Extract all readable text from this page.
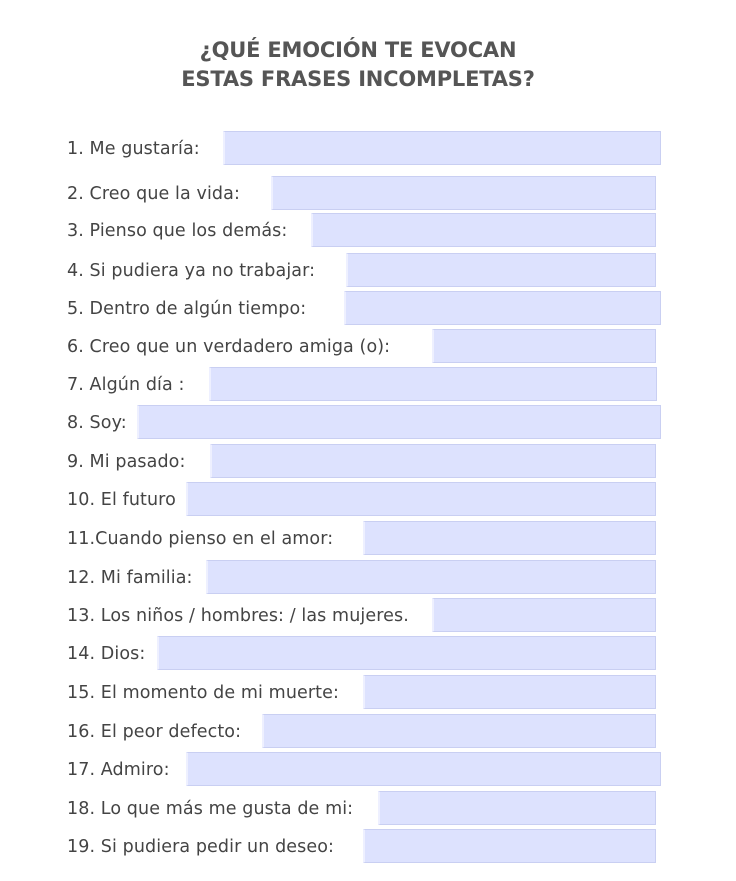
¿QUÉ EMOCIÓN TE EVOCAN
ESTAS FRASES INCOMPLETAS?
1. Me gustaría:
2. Creo que la vida:
3. Pienso que los demás:
4. Si pudiera ya no trabajar:
5. Dentro de algún tiempo:
6. Creo que un verdadero amiga (o):
7. Algún día :
8. Soy:
9. Mi pasado:
10. El futuro
11.Cuando pienso en el amor:
12. Mi familia:
13. Los niños / hombres: / las mujeres.
14. Dios:
15. El momento de mi muerte:
16. El peor defecto:
17. Admiro:
18. Lo que más me gusta de mi:
19. Si pudiera pedir un deseo:
